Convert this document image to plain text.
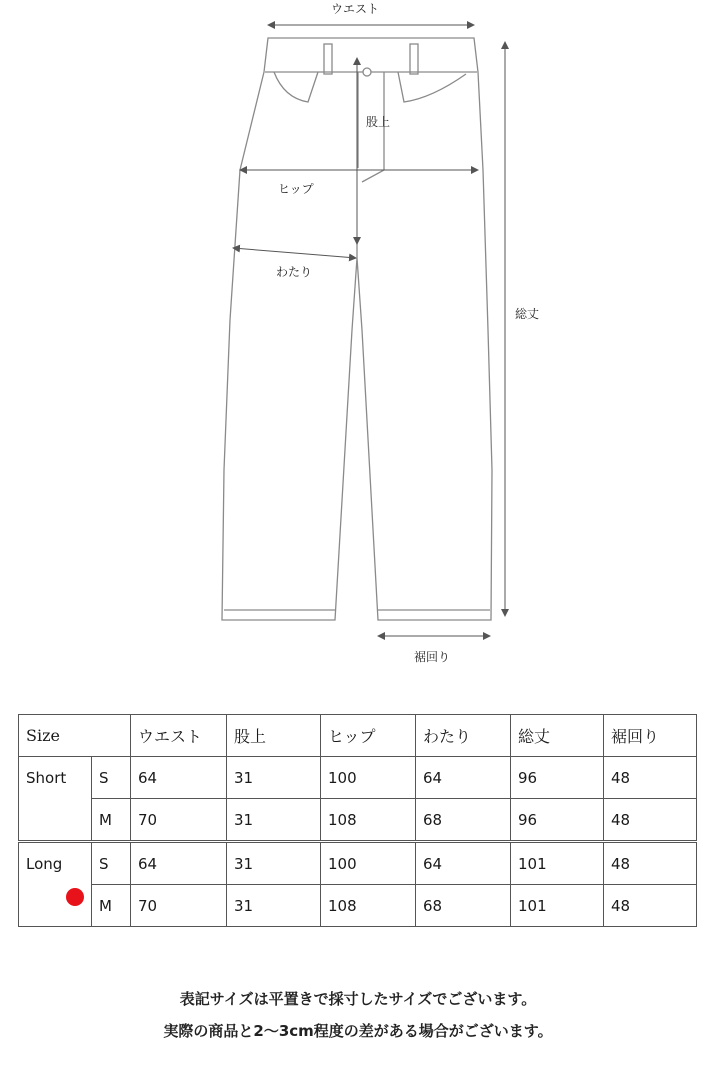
ウエスト
股上
ヒップ
わたり
総丈
裾回り
Size		ウエスト	股上	ヒップ	わたり	総丈	裾回り
Short	S	64	31	100	64	96	48
	M	70	31	108	68	96	48

Long	S	64	31	100	64	101	48
	M	70	31	108	68	101	48
表記サイズは平置きで採寸したサイズでございます。
実際の商品と2〜3cm程度の差がある場合がございます。
